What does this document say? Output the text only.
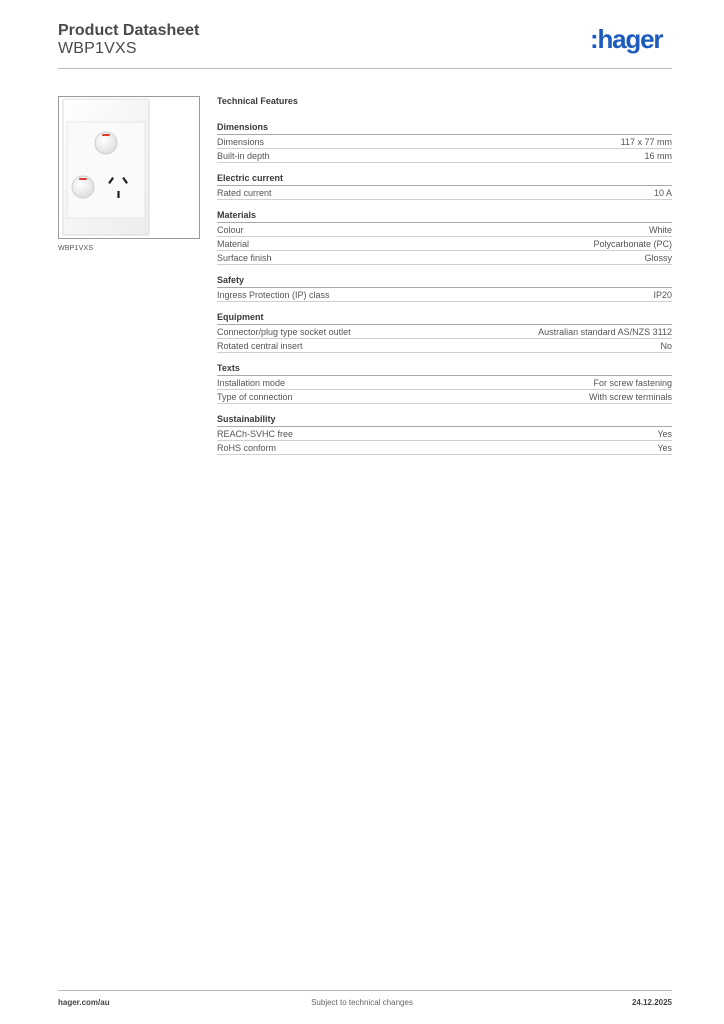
Product Datasheet
WBP1VXS	:hager
WBP1VXS
Technical Features
Dimensions
Dimensions	117 x 77 mm
Built-in depth	16 mm
Electric current
Rated current	10 A
Materials
Colour	White
Material	Polycarbonate (PC)
Surface finish	Glossy
Safety
Ingress Protection (IP) class	IP20
Equipment
Connector/plug type socket outlet	Australian standard AS/NZS 3112
Rotated central insert	No
Texts
Installation mode	For screw fastening
Type of connection	With screw terminals
Sustainability
REACh-SVHC free	Yes
RoHS conform	Yes
hager.com/au	Subject to technical changes	24.12.2025
